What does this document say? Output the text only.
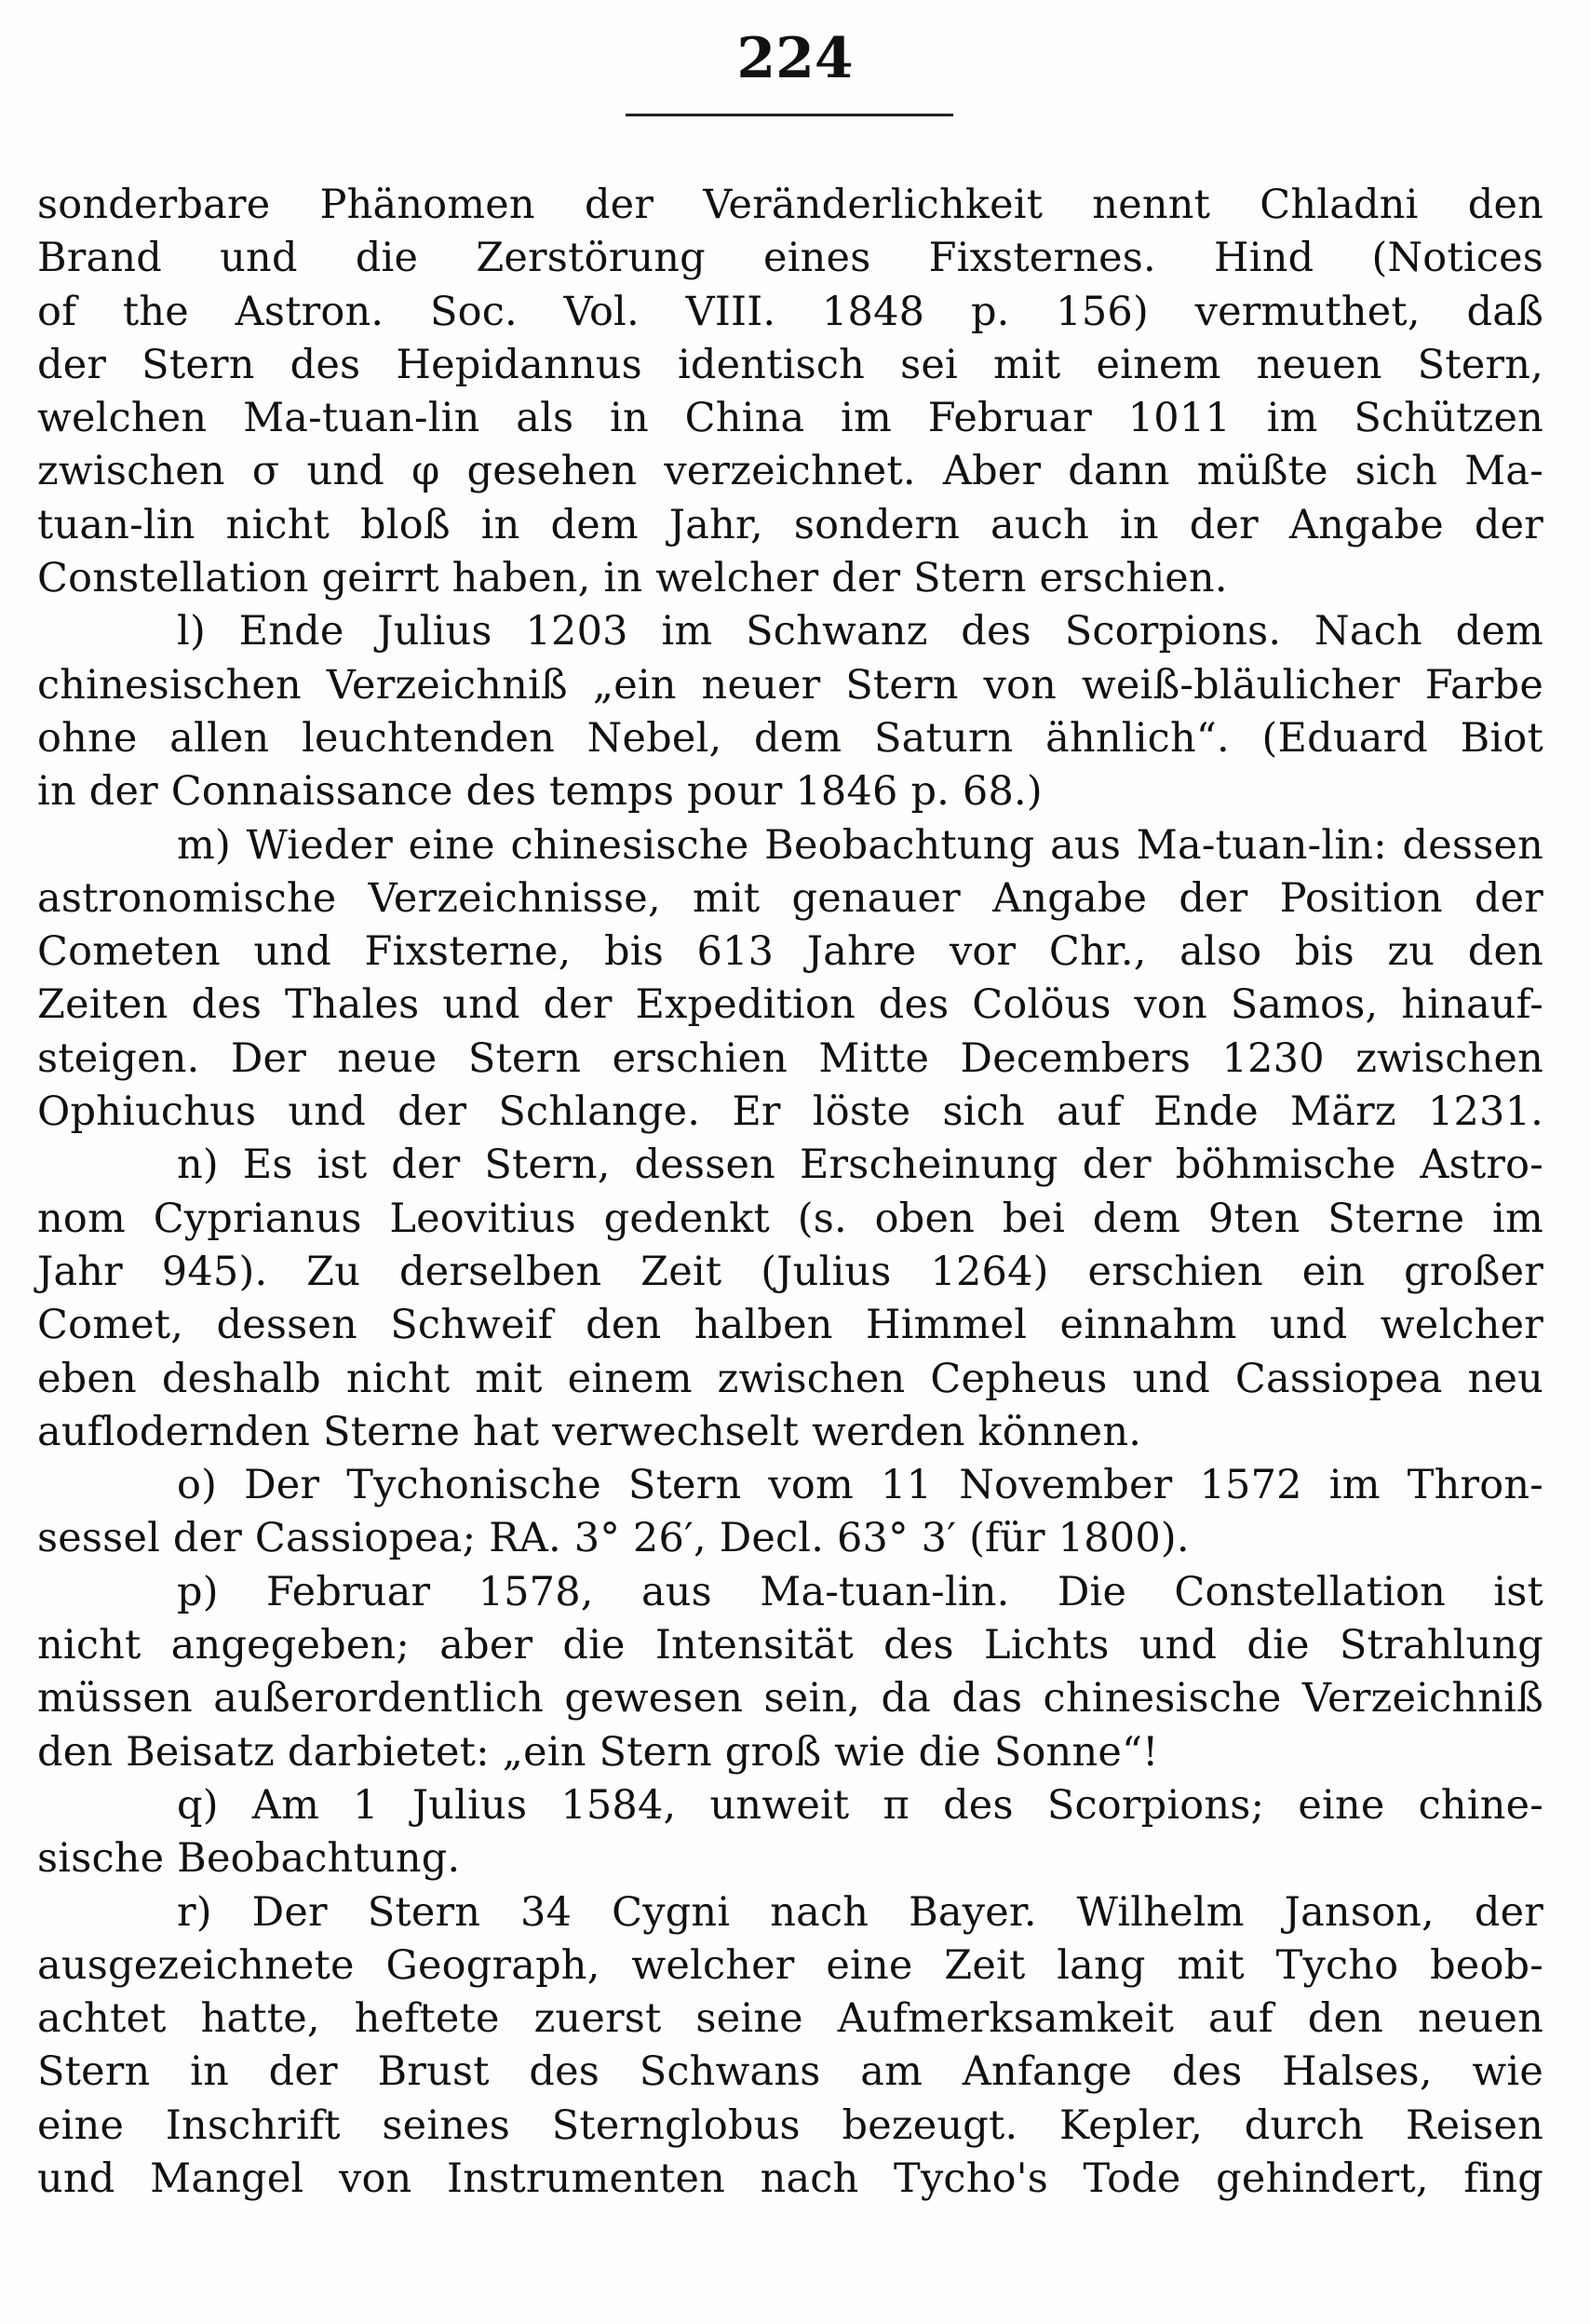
224
sonderbare Phänomen der Veränderlichkeit nennt Chladni den
Brand und die Zerstörung eines Fixsternes. Hind (Notices
of the Astron. Soc. Vol. VIII. 1848 p. 156) vermuthet, daß
der Stern des Hepidannus identisch sei mit einem neuen Stern,
welchen Ma-tuan-lin als in China im Februar 1011 im Schützen
zwischen σ und φ gesehen verzeichnet. Aber dann müßte sich Ma-
tuan-lin nicht bloß in dem Jahr, sondern auch in der Angabe der
Constellation geirrt haben, in welcher der Stern erschien.
l) Ende Julius 1203 im Schwanz des Scorpions. Nach dem
chinesischen Verzeichniß „ein neuer Stern von weiß-bläulicher Farbe
ohne allen leuchtenden Nebel, dem Saturn ähnlich“. (Eduard Biot
in der Connaissance des temps pour 1846 p. 68.)
m) Wieder eine chinesische Beobachtung aus Ma-tuan-lin: dessen
astronomische Verzeichnisse, mit genauer Angabe der Position der
Cometen und Fixsterne, bis 613 Jahre vor Chr., also bis zu den
Zeiten des Thales und der Expedition des Colöus von Samos, hinauf-
steigen. Der neue Stern erschien Mitte Decembers 1230 zwischen
Ophiuchus und der Schlange. Er löste sich auf Ende März 1231.
n) Es ist der Stern, dessen Erscheinung der böhmische Astro-
nom Cyprianus Leovitius gedenkt (s. oben bei dem 9ten Sterne im
Jahr 945). Zu derselben Zeit (Julius 1264) erschien ein großer
Comet, dessen Schweif den halben Himmel einnahm und welcher
eben deshalb nicht mit einem zwischen Cepheus und Cassiopea neu
auflodernden Sterne hat verwechselt werden können.
o) Der Tychonische Stern vom 11 November 1572 im Thron-
sessel der Cassiopea; RA. 3° 26′, Decl. 63° 3′ (für 1800).
p) Februar 1578, aus Ma-tuan-lin. Die Constellation ist
nicht angegeben; aber die Intensität des Lichts und die Strahlung
müssen außerordentlich gewesen sein, da das chinesische Verzeichniß
den Beisatz darbietet: „ein Stern groß wie die Sonne“!
q) Am 1 Julius 1584, unweit π des Scorpions; eine chine-
sische Beobachtung.
r) Der Stern 34 Cygni nach Bayer. Wilhelm Janson, der
ausgezeichnete Geograph, welcher eine Zeit lang mit Tycho beob-
achtet hatte, heftete zuerst seine Aufmerksamkeit auf den neuen
Stern in der Brust des Schwans am Anfange des Halses, wie
eine Inschrift seines Sternglobus bezeugt. Kepler, durch Reisen
und Mangel von Instrumenten nach Tycho's Tode gehindert, fing
